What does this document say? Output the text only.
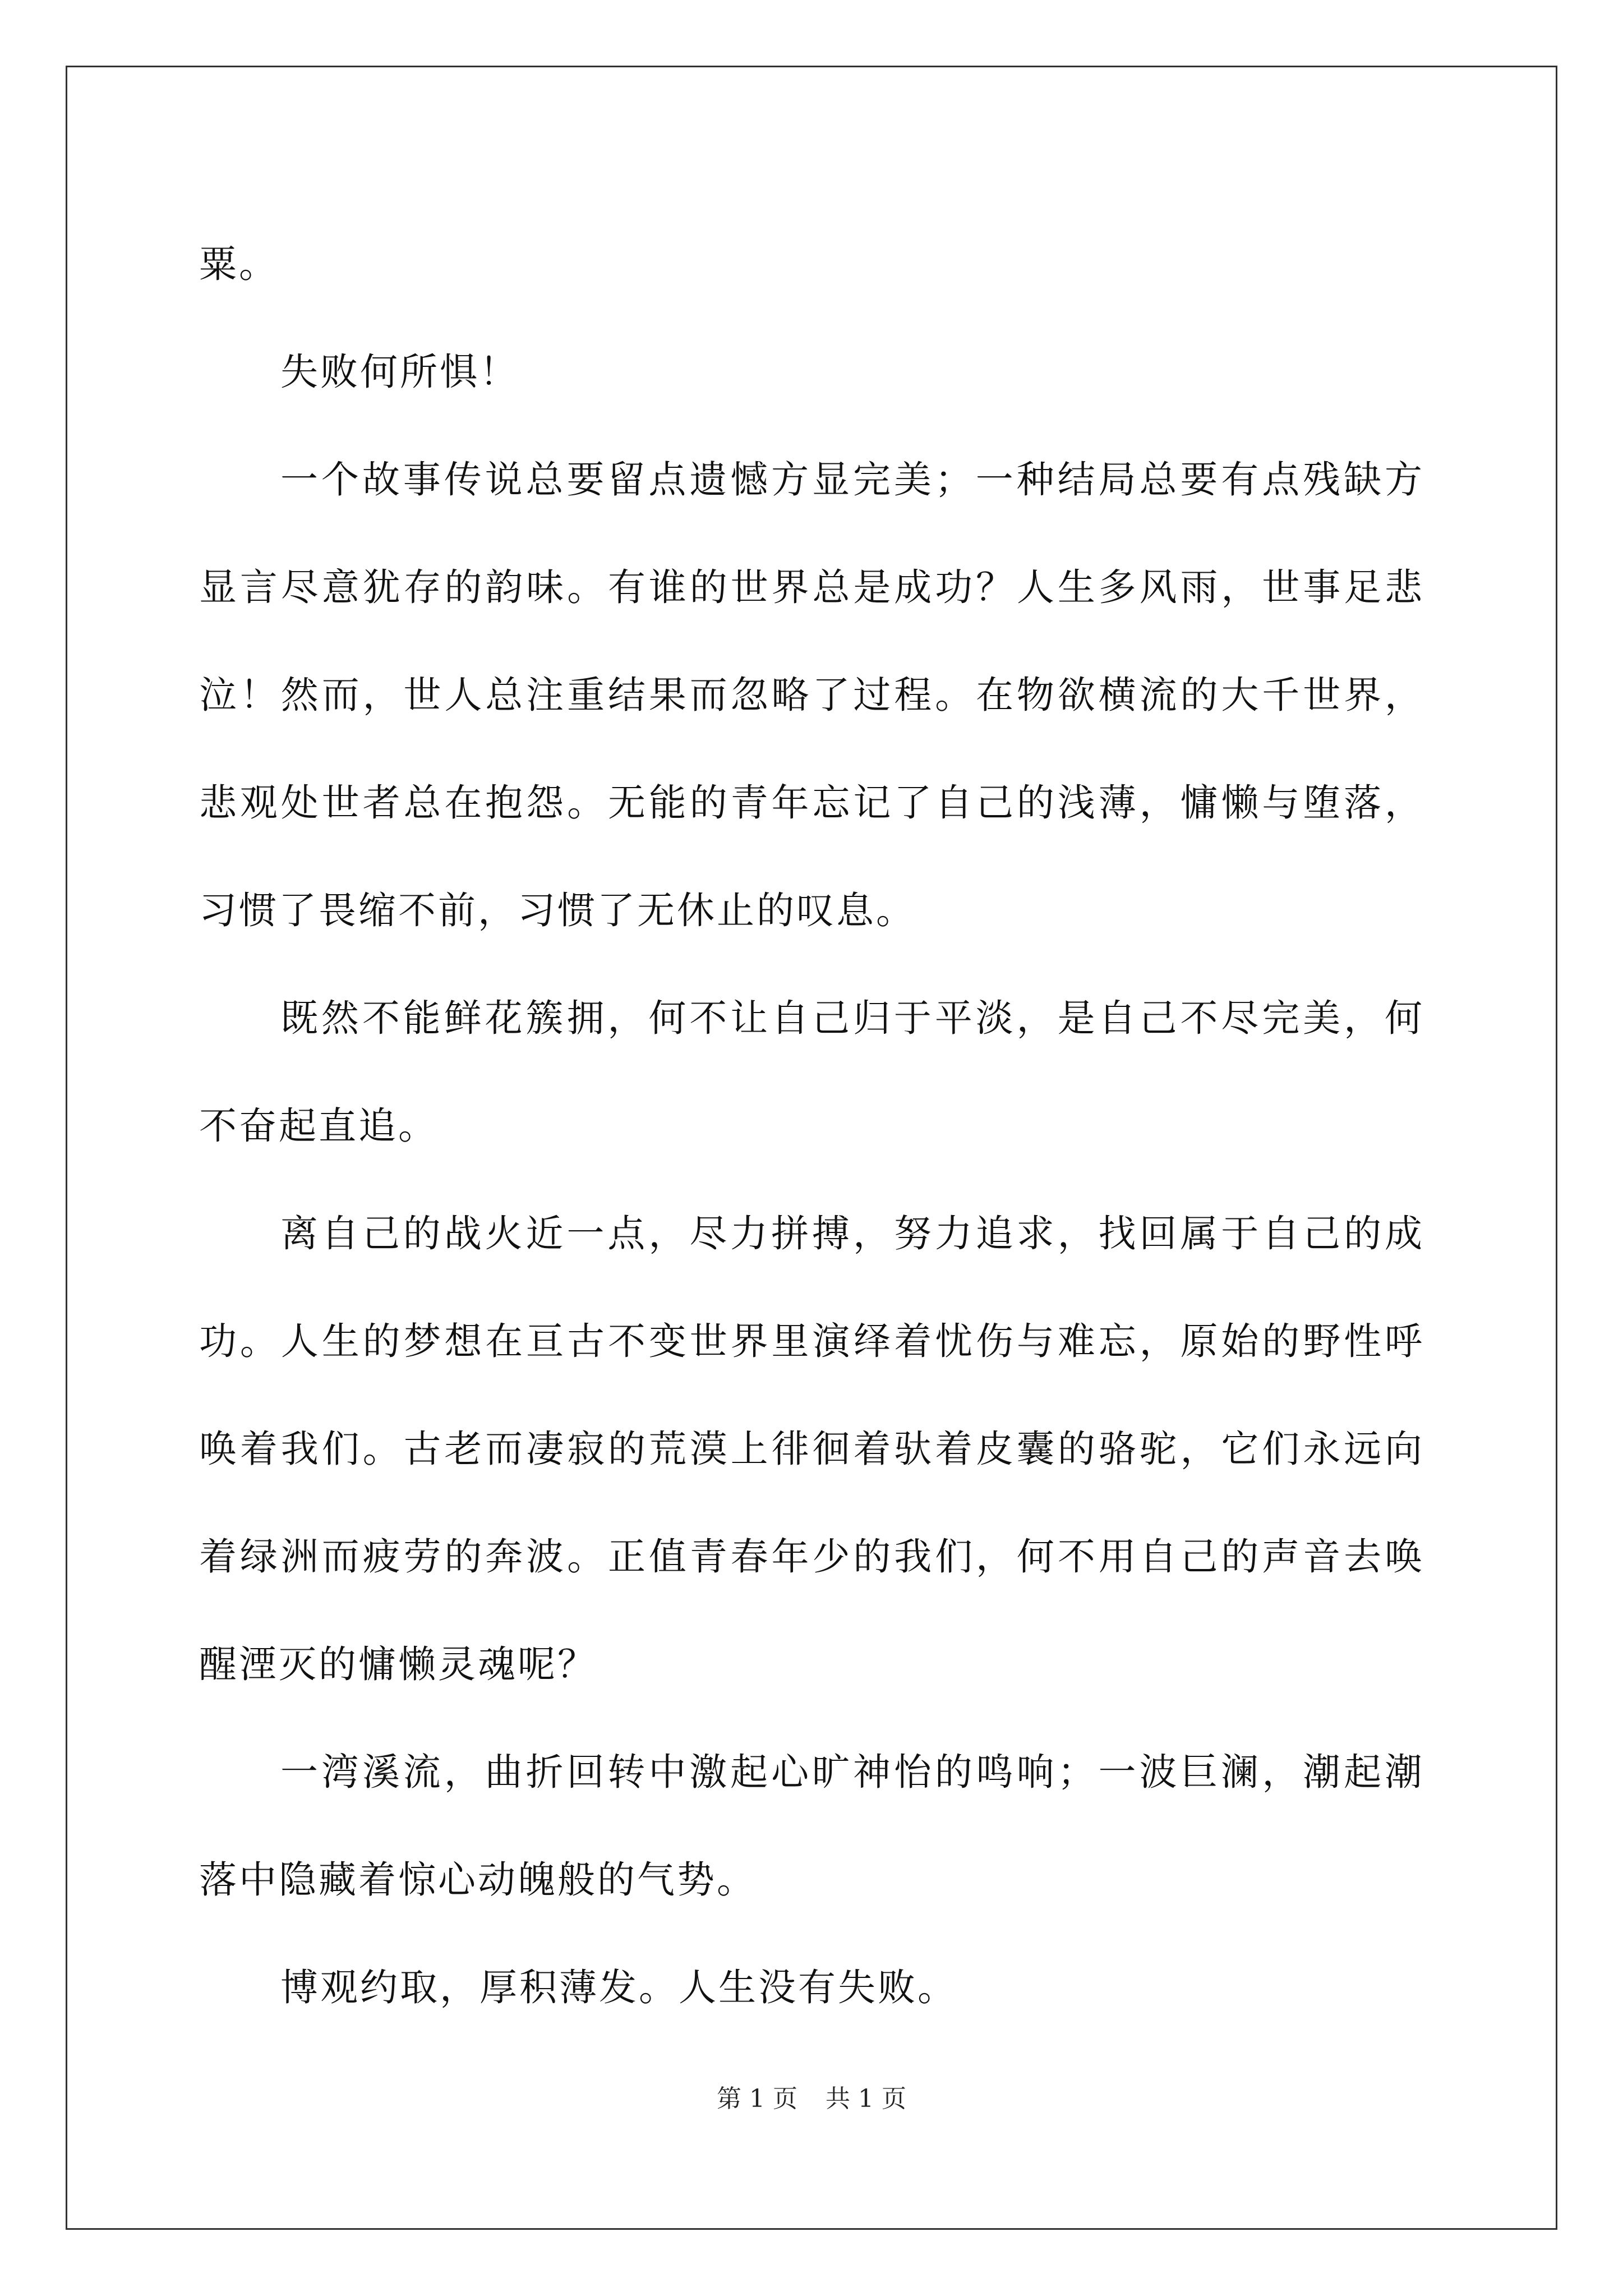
粟。

失败何所惧！

一个故事传说总要留点遗憾方显完美；一种结局总要有点残缺方显言尽意犹存的韵味。有谁的世界总是成功？人生多风雨，世事足悲泣！然而，世人总注重结果而忽略了过程。在物欲横流的大千世界，悲观处世者总在抱怨。无能的青年忘记了自己的浅薄，慵懒与堕落，习惯了畏缩不前，习惯了无休止的叹息。

既然不能鲜花簇拥，何不让自己归于平淡，是自己不尽完美，何不奋起直追。

离自己的战火近一点，尽力拼搏，努力追求，找回属于自己的成功。人生的梦想在亘古不变世界里演绎着忧伤与难忘，原始的野性呼唤着我们。古老而凄寂的荒漠上徘徊着驮着皮囊的骆驼，它们永远向着绿洲而疲劳的奔波。正值青春年少的我们，何不用自己的声音去唤醒湮灭的慵懒灵魂呢？

一湾溪流，曲折回转中激起心旷神怡的鸣响；一波巨澜，潮起潮落中隐藏着惊心动魄般的气势。

博观约取，厚积薄发。人生没有失败。

第 1 页 共 1 页
